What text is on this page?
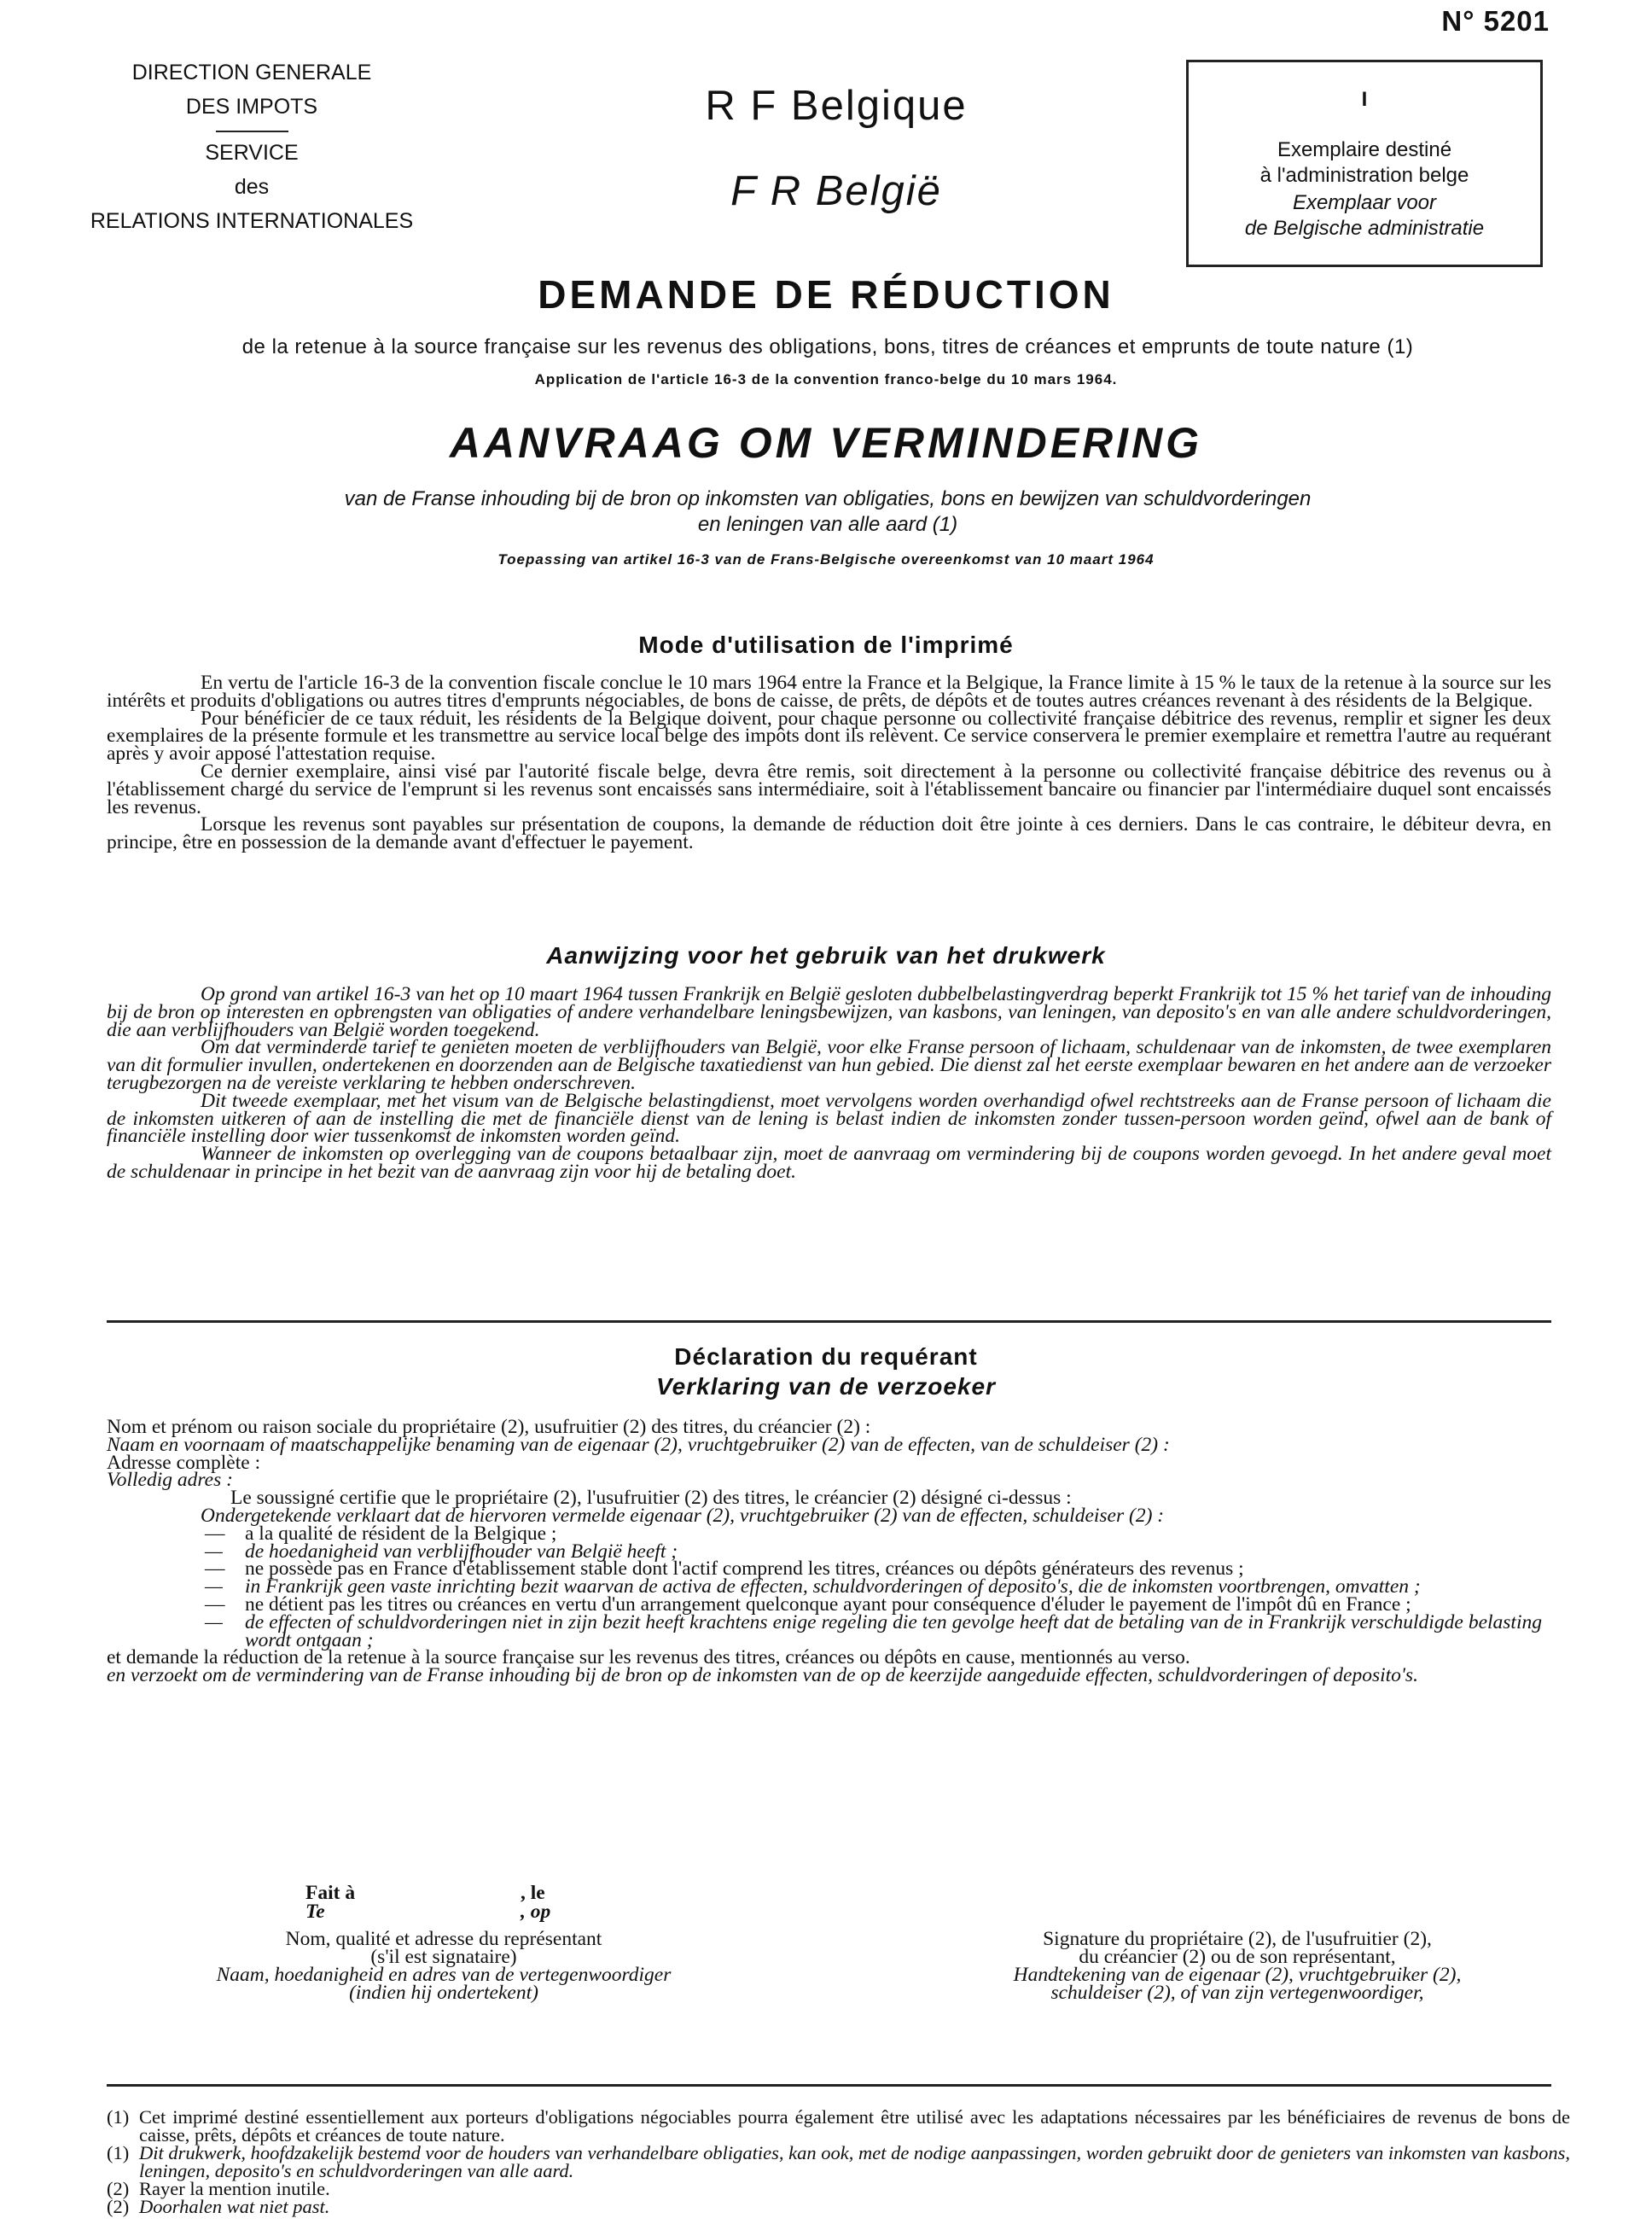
N° 5201
DIRECTION GENERALE
DES IMPOTS
SERVICE
des
RELATIONS INTERNATIONALES
R F Belgique
F R België
I
Exemplaire destiné
à l'administration belge
Exemplaar voor
de Belgische administratie
DEMANDE DE RÉDUCTION
de la retenue à la source française sur les revenus des obligations, bons, titres de créances et emprunts de toute nature (1)
Application de l'article 16-3 de la convention franco-belge du 10 mars 1964.
AANVRAAG OM VERMINDERING
van de Franse inhouding bij de bron op inkomsten van obligaties, bons en bewijzen van schuldvorderingen
en leningen van alle aard (1)
Toepassing van artikel 16-3 van de Frans-Belgische overeenkomst van 10 maart 1964
Mode d'utilisation de l'imprimé

En vertu de l'article 16-3 de la convention fiscale conclue le 10 mars 1964 entre la France et la Belgique, la France limite à 15 % le taux de la retenue à la source sur les intérêts et produits d'obligations ou autres titres d'emprunts négociables, de bons de caisse, de prêts, de dépôts et de toutes autres créances revenant à des résidents de la Belgique.

Pour bénéficier de ce taux réduit, les résidents de la Belgique doivent, pour chaque personne ou collectivité française débitrice des revenus, remplir et signer les deux exemplaires de la présente formule et les transmettre au service local belge des impôts dont ils relèvent. Ce service conservera le premier exemplaire et remettra l'autre au requérant après y avoir apposé l'attestation requise.

Ce dernier exemplaire, ainsi visé par l'autorité fiscale belge, devra être remis, soit directement à la personne ou collectivité française débitrice des revenus ou à l'établissement chargé du service de l'emprunt si les revenus sont encaissés sans intermédiaire, soit à l'établissement bancaire ou financier par l'intermédiaire duquel sont encaissés les revenus.

Lorsque les revenus sont payables sur présentation de coupons, la demande de réduction doit être jointe à ces derniers. Dans le cas contraire, le débiteur devra, en principe, être en possession de la demande avant d'effectuer le payement.

Aanwijzing voor het gebruik van het drukwerk

Op grond van artikel 16-3 van het op 10 maart 1964 tussen Frankrijk en België gesloten dubbelbelastingverdrag beperkt Frankrijk tot 15 % het tarief van de inhouding bij de bron op interesten en opbrengsten van obligaties of andere verhandelbare leningsbewijzen, van kasbons, van leningen, van deposito's en van alle andere schuldvorderingen, die aan verblijfhouders van België worden toegekend.

Om dat verminderde tarief te genieten moeten de verblijfhouders van België, voor elke Franse persoon of lichaam, schuldenaar van de inkomsten, de twee exemplaren van dit formulier invullen, ondertekenen en doorzenden aan de Belgische taxatiedienst van hun gebied. Die dienst zal het eerste exemplaar bewaren en het andere aan de verzoeker terugbezorgen na de vereiste verklaring te hebben onderschreven.

Dit tweede exemplaar, met het visum van de Belgische belastingdienst, moet vervolgens worden overhandigd ofwel rechtstreeks aan de Franse persoon of lichaam die de inkomsten uitkeren of aan de instelling die met de financiële dienst van de lening is belast indien de inkomsten zonder tussen-persoon worden geïnd, ofwel aan de bank of financiële instelling door wier tussenkomst de inkomsten worden geïnd.

Wanneer de inkomsten op overlegging van de coupons betaalbaar zijn, moet de aanvraag om vermindering bij de coupons worden gevoegd. In het andere geval moet de schuldenaar in principe in het bezit van de aanvraag zijn voor hij de betaling doet.

Déclaration du requérant
Verklaring van de verzoeker
Nom et prénom ou raison sociale du propriétaire (2), usufruitier (2) des titres, du créancier (2) :
Naam en voornaam of maatschappelijke benaming van de eigenaar (2), vruchtgebruiker (2) van de effecten, van de schuldeiser (2) :
Adresse complète :
Volledig adres :
Le soussigné certifie que le propriétaire (2), l'usufruitier (2) des titres, le créancier (2) désigné ci-dessus :
Ondergetekende verklaart dat de hiervoren vermelde eigenaar (2), vruchtgebruiker (2) van de effecten, schuldeiser (2) :
—	a la qualité de résident de la Belgique ;
—	de hoedanigheid van verblijfhouder van België heeft ;
—	ne possède pas en France d'établissement stable dont l'actif comprend les titres, créances ou dépôts générateurs des revenus ;
—	in Frankrijk geen vaste inrichting bezit waarvan de activa de effecten, schuldvorderingen of deposito's, die de inkomsten voortbrengen, omvatten ;
—	ne détient pas les titres ou créances en vertu d'un arrangement quelconque ayant pour conséquence d'éluder le payement de l'impôt dû en France ;
—	de effecten of schuldvorderingen niet in zijn bezit heeft krachtens enige regeling die ten gevolge heeft dat de betaling van de in Frankrijk verschuldigde belasting wordt ontgaan ;
et demande la réduction de la retenue à la source française sur les revenus des titres, créances ou dépôts en cause, mentionnés au verso.
en verzoekt om de vermindering van de Franse inhouding bij de bron op de inkomsten van de op de keerzijde aangeduide effecten, schuldvorderingen of deposito's.
Fait à	, le
Te	, op
Nom, qualité et adresse du représentant
(s'il est signataire)
Naam, hoedanigheid en adres van de vertegenwoordiger
(indien hij ondertekent)
Signature du propriétaire (2), de l'usufruitier (2),
du créancier (2) ou de son représentant,
Handtekening van de eigenaar (2), vruchtgebruiker (2),
schuldeiser (2), of van zijn vertegenwoordiger,
(1) Cet imprimé destiné essentiellement aux porteurs d'obligations négociables pourra également être utilisé avec les adaptations nécessaires par les bénéficiaires de revenus de bons de caisse, prêts, dépôts et créances de toute nature.
(1) Dit drukwerk, hoofdzakelijk bestemd voor de houders van verhandelbare obligaties, kan ook, met de nodige aanpassingen, worden gebruikt door de genieters van inkomsten van kasbons, leningen, deposito's en schuldvorderingen van alle aard.
(2) Rayer la mention inutile.
(2) Doorhalen wat niet past.
